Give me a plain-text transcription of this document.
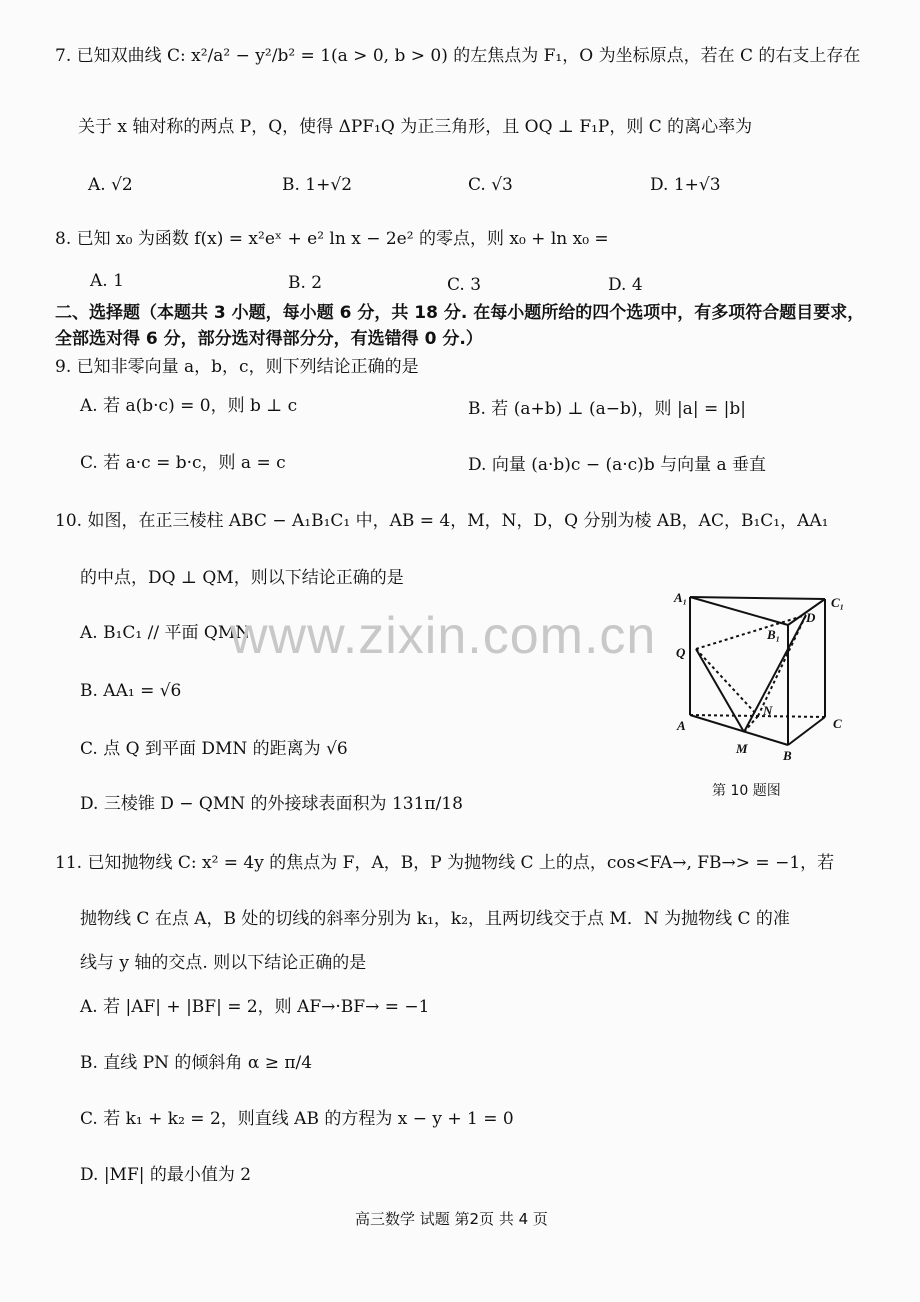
7. 已知双曲线 C: x²/a² − y²/b² = 1(a > 0, b > 0) 的左焦点为 F₁，O 为坐标原点，若在 C 的右支上存在
关于 x 轴对称的两点 P，Q，使得 ΔPF₁Q 为正三角形，且 OQ ⊥ F₁P，则 C 的离心率为
A. √2	B. 1+√2	C. √3	D. 1+√3
8. 已知 x₀ 为函数 f(x) = x²eˣ + e² ln x − 2e² 的零点，则 x₀ + ln x₀ =
A. 1	B. 2	C. 3	D. 4
二、选择题（本题共 3 小题，每小题 6 分，共 18 分. 在每小题所给的四个选项中，有多项符合题目要求，全部选对得 6 分，部分选对得部分分，有选错得 0 分.）
9. 已知非零向量 a，b，c，则下列结论正确的是
A. 若 a(b·c) = 0，则 b ⊥ c	B. 若 (a+b) ⊥ (a−b)，则 |a| = |b|
C. 若 a·c = b·c，则 a = c	D. 向量 (a·b)c − (a·c)b 与向量 a 垂直
10. 如图，在正三棱柱 ABC − A₁B₁C₁ 中，AB = 4，M，N，D，Q 分别为棱 AB，AC，B₁C₁，AA₁
的中点，DQ ⊥ QM，则以下结论正确的是
A. B₁C₁ // 平面 QMN
B. AA₁ = √6
C. 点 Q 到平面 DMN 的距离为 √6
D. 三棱锥 D − QMN 的外接球表面积为 131π/18
A₁	C₁
B₁
D
Q
N
A	C
M	B
第 10 题图
www.zixin.com.cn
11. 已知抛物线 C: x² = 4y 的焦点为 F，A，B，P 为抛物线 C 上的点，cos<FA→, FB→> = −1，若
抛物线 C 在点 A，B 处的切线的斜率分别为 k₁，k₂，且两切线交于点 M．N 为抛物线 C 的准
线与 y 轴的交点. 则以下结论正确的是
A. 若 |AF| + |BF| = 2，则 AF→·BF→ = −1
B. 直线 PN 的倾斜角 α ≥ π/4
C. 若 k₁ + k₂ = 2，则直线 AB 的方程为 x − y + 1 = 0
D. |MF| 的最小值为 2
高三数学 试题 第2页 共 4 页
